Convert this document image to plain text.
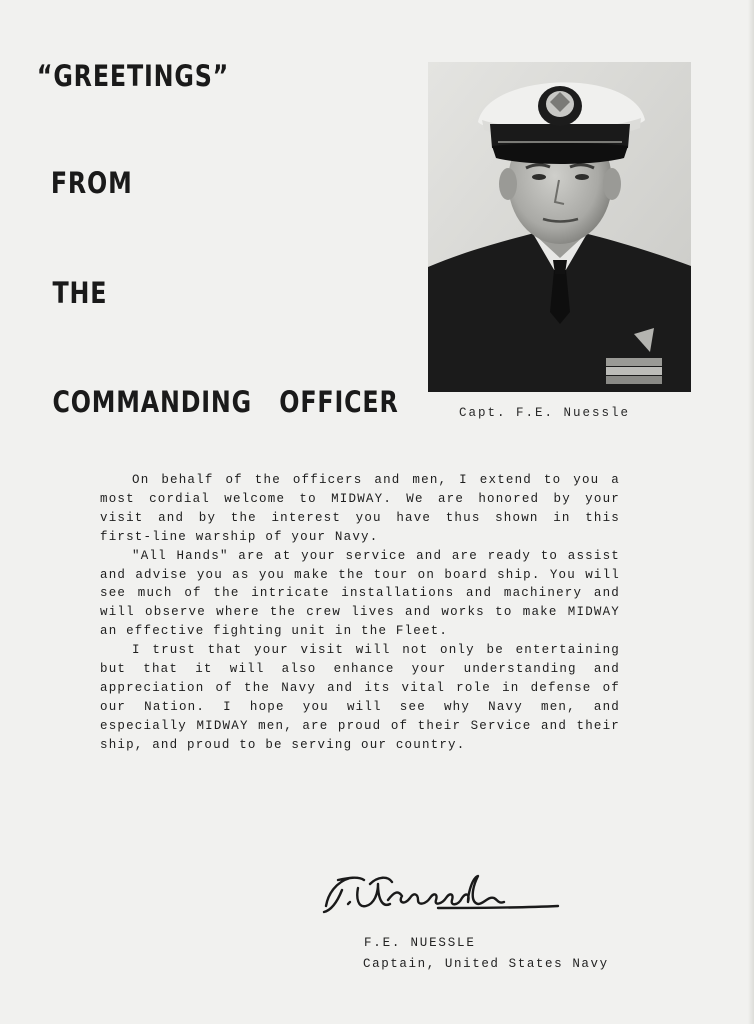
“GREETINGS”
FROM
THE
COMMANDING   OFFICER	Capt. F.E. Nuessle

On behalf of the officers and men, I extend to you a most cordial welcome to MIDWAY. We are honored by your visit and by the interest you have thus shown in this first-line warship of your Navy.

"All Hands" are at your service and are ready to assist and advise you as you make the tour on board ship. You will see much of the intricate installations and machinery and will observe where the crew lives and works to make MIDWAY an effective fighting unit in the Fleet.

I trust that your visit will not only be entertaining but that it will also enhance your understanding and appreciation of the Navy and its vital role in defense of our Nation. I hope you will see why Navy men, and especially MIDWAY men, are proud of their Service and their ship, and proud to be serving our country.

F.E. NUESSLE
Captain, United States Navy
